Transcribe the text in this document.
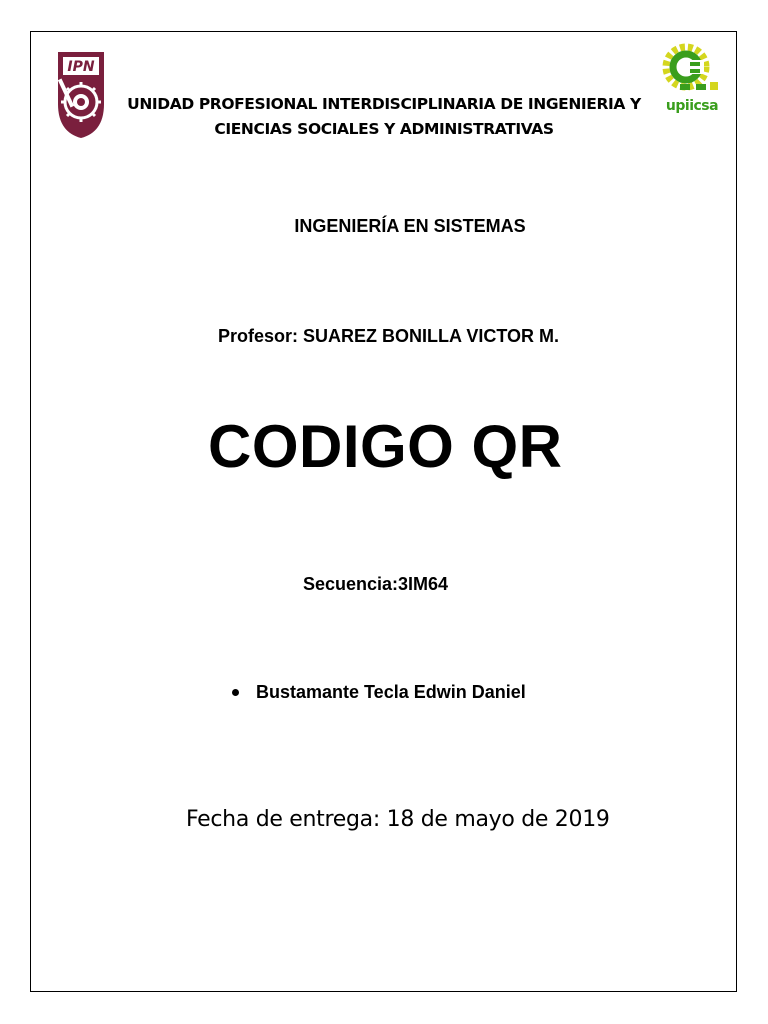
IPN
upiicsa
UNIDAD PROFESIONAL INTERDISCIPLINARIA DE INGENIERIA Y
CIENCIAS SOCIALES Y ADMINISTRATIVAS
INGENIERÍA EN SISTEMAS
Profesor: SUAREZ BONILLA VICTOR M.
CODIGO QR
Secuencia:3IM64
Bustamante Tecla Edwin Daniel
Fecha de entrega: 18 de mayo de 2019
